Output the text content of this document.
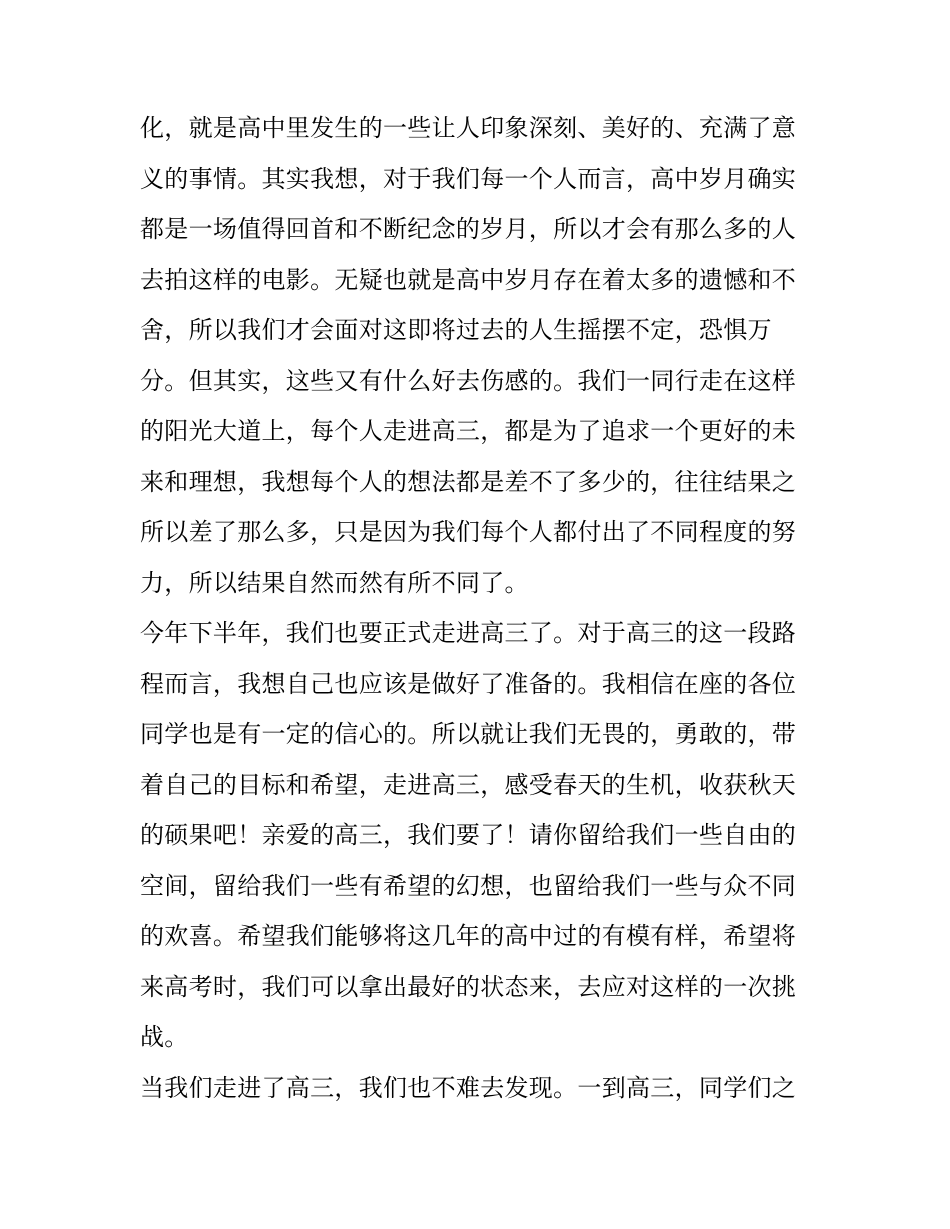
化，就是高中里发生的一些让人印象深刻、美好的、充满了意
义的事情。其实我想，对于我们每一个人而言，高中岁月确实
都是一场值得回首和不断纪念的岁月，所以才会有那么多的人
去拍这样的电影。无疑也就是高中岁月存在着太多的遗憾和不
舍，所以我们才会面对这即将过去的人生摇摆不定，恐惧万
分。但其实，这些又有什么好去伤感的。我们一同行走在这样
的阳光大道上，每个人走进高三，都是为了追求一个更好的未
来和理想，我想每个人的想法都是差不了多少的，往往结果之
所以差了那么多，只是因为我们每个人都付出了不同程度的努
力，所以结果自然而然有所不同了。
今年下半年，我们也要正式走进高三了。对于高三的这一段路
程而言，我想自己也应该是做好了准备的。我相信在座的各位
同学也是有一定的信心的。所以就让我们无畏的，勇敢的，带
着自己的目标和希望，走进高三，感受春天的生机，收获秋天
的硕果吧！亲爱的高三，我们要了！请你留给我们一些自由的
空间，留给我们一些有希望的幻想，也留给我们一些与众不同
的欢喜。希望我们能够将这几年的高中过的有模有样，希望将
来高考时，我们可以拿出最好的状态来，去应对这样的一次挑
战。
当我们走进了高三，我们也不难去发现。一到高三，同学们之
